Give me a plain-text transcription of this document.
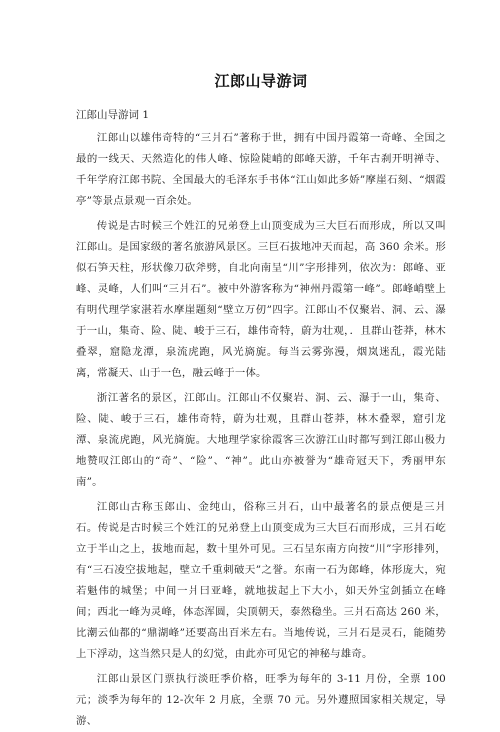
江郎山导游词
江郎山导游词 1

江郎山以雄伟奇特的“三爿石”著称于世，拥有中国丹霞第一奇峰、全国之最的一线天、天然造化的伟人峰、惊险陡峭的郎峰天游，千年古刹开明禅寺、千年学府江郎书院、全国最大的毛泽东手书体“江山如此多娇”摩崖石刻、“烟霞亭”等景点景观一百余处。

传说是古时候三个姓江的兄弟登上山顶变成为三大巨石而形成，所以又叫江郎山。是国家级的著名旅游风景区。三巨石拔地冲天而起，高 360 余米。形似石笋天柱，形状像刀砍斧劈，自北向南呈“川”字形排列，依次为：郎峰、亚峰、灵峰，人们叫“三爿石”。被中外游客称为“神州丹霞第一峰”。郎峰峭壁上有明代理学家湛若水摩崖题刻“壁立万仞”四字。江郎山不仅聚岩、洞、云、瀑于一山，集奇、险、陡、峻于三石，雄伟奇特，蔚为壮观，．且群山苍莽，林木叠翠，窟隐龙潭，泉流虎跑，风光旖旎。每当云雾弥漫，烟岚迷乱，霞光陆离，常凝天、山于一色，融云峰于一体。

浙江著名的景区，江郎山。江郎山不仅聚岩、洞、云、瀑于一山，集奇、险、陡、峻于三石，雄伟奇特，蔚为壮观，且群山苍莽，林木叠翠，窟引龙潭、泉流虎跑，风光旖旎。大地理学家徐霞客三次游江山时都写到江郎山极力地赞叹江郎山的“奇”、“险”、“神”。此山亦被誉为“雄奇冠天下，秀丽甲东南”。

江郎山古称玉郎山、金纯山，俗称三爿石，山中最著名的景点便是三爿石。传说是古时候三个姓江的兄弟登上山顶变成为三大巨石而形成，三爿石屹立于半山之上，拔地而起，数十里外可见。三石呈东南方向按“川”字形排列，有“三石凌空拔地起，壁立千重刺破天”之誉。东南一石为郎峰，体形庞大，宛若魁伟的城堡；中间一爿曰亚峰，就地拔起上下大小，如天外宝剑插立在峰间；西北一峰为灵峰，体态浑圆，尖顶朝天，泰然稳坐。三爿石高达 260 米，比潮云仙都的“鼎湖峰”还要高出百米左右。当地传说，三爿石是灵石，能随势上下浮动，这当然只是人的幻觉，由此亦可见它的神秘与雄奇。

江郎山景区门票执行淡旺季价格，旺季为每年的 3-11 月份，全票 100 元；淡季为每年的 12-次年 2 月底，全票 70 元。另外遵照国家相关规定，导游、
